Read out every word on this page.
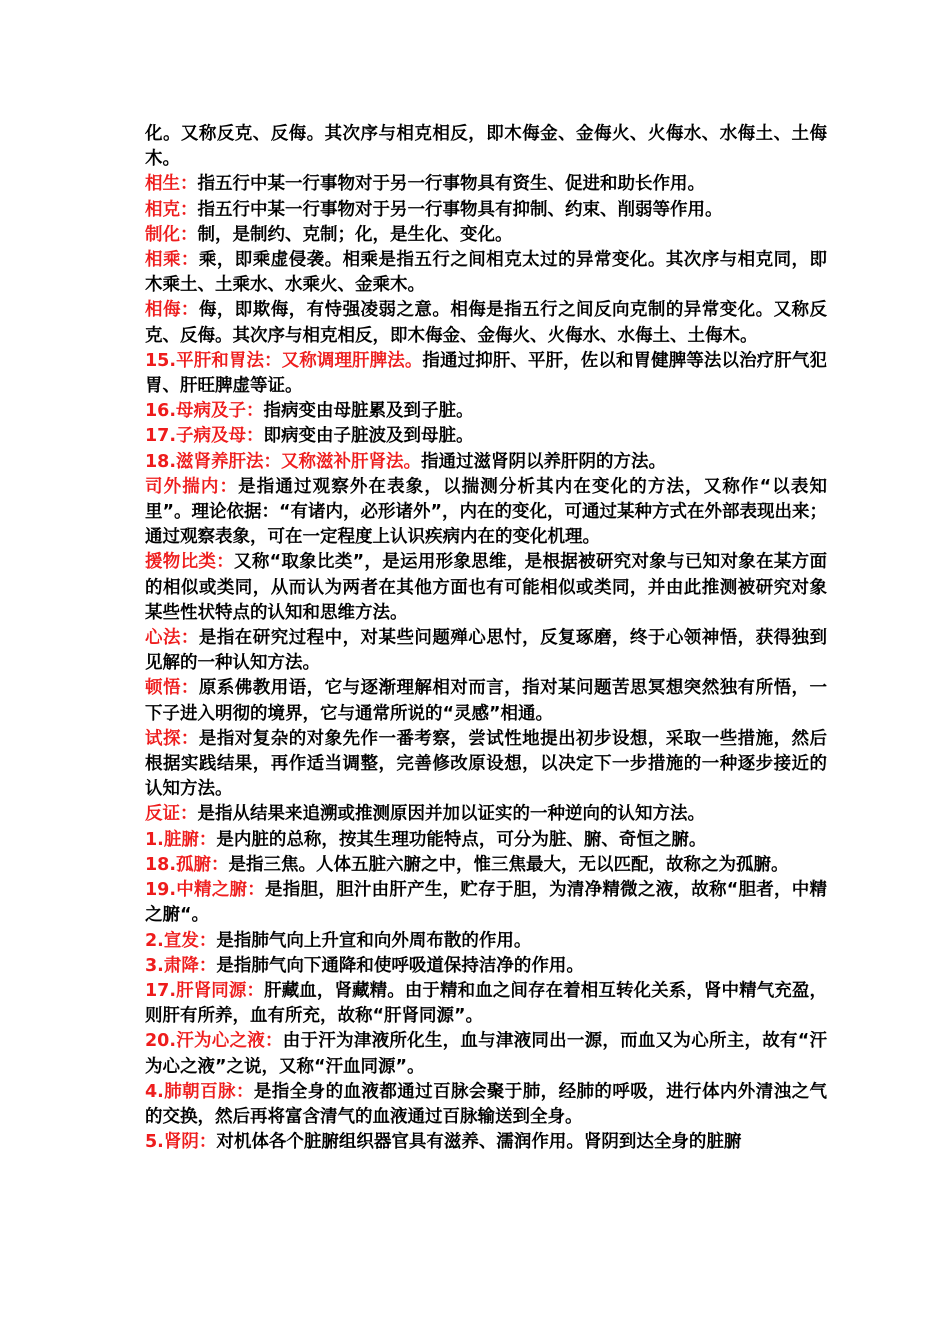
化。又称反克、反侮。其次序与相克相反，即木侮金、金侮火、火侮水、水侮土、土侮木。

相生：指五行中某一行事物对于另一行事物具有资生、促进和助长作用。

相克：指五行中某一行事物对于另一行事物具有抑制、约束、削弱等作用。

制化：制，是制约、克制；化，是生化、变化。

相乘：乘，即乘虚侵袭。相乘是指五行之间相克太过的异常变化。其次序与相克同，即木乘土、土乘水、水乘火、金乘木。

相侮：侮，即欺侮，有恃强凌弱之意。相侮是指五行之间反向克制的异常变化。又称反克、反侮。其次序与相克相反，即木侮金、金侮火、火侮水、水侮土、土侮木。

15.平肝和胃法：又称调理肝脾法。指通过抑肝、平肝，佐以和胃健脾等法以治疗肝气犯胃、肝旺脾虚等证。

16.母病及子：指病变由母脏累及到子脏。

17.子病及母：即病变由子脏波及到母脏。

18.滋肾养肝法：又称滋补肝肾法。指通过滋肾阴以养肝阴的方法。

司外揣内：是指通过观察外在表象，以揣测分析其内在变化的方法，又称作“以表知里”。理论依据：“有诸内，必形诸外”，内在的变化，可通过某种方式在外部表现出来；通过观察表象，可在一定程度上认识疾病内在的变化机理。

援物比类：又称“取象比类”，是运用形象思维，是根据被研究对象与已知对象在某方面的相似或类同，从而认为两者在其他方面也有可能相似或类同，并由此推测被研究对象某些性状特点的认知和思维方法。

心法：是指在研究过程中，对某些问题殚心思忖，反复琢磨，终于心领神悟，获得独到见解的一种认知方法。

顿悟：原系佛教用语，它与逐渐理解相对而言，指对某问题苦思冥想突然独有所悟，一下子进入明彻的境界，它与通常所说的“灵感”相通。

试探：是指对复杂的对象先作一番考察，尝试性地提出初步设想，采取一些措施，然后根据实践结果，再作适当调整，完善修改原设想，以决定下一步措施的一种逐步接近的认知方法。

反证：是指从结果来追溯或推测原因并加以证实的一种逆向的认知方法。

1.脏腑：是内脏的总称，按其生理功能特点，可分为脏、腑、奇恒之腑。

18.孤腑：是指三焦。人体五脏六腑之中，惟三焦最大，无以匹配，故称之为孤腑。

19.中精之腑：是指胆，胆汁由肝产生，贮存于胆，为清净精微之液，故称“胆者，中精之腑“。

2.宣发：是指肺气向上升宣和向外周布散的作用。

3.肃降：是指肺气向下通降和使呼吸道保持洁净的作用。

17.肝肾同源：肝藏血，肾藏精。由于精和血之间存在着相互转化关系，肾中精气充盈，则肝有所养，血有所充，故称“肝肾同源”。

20.汗为心之液：由于汗为津液所化生，血与津液同出一源，而血又为心所主，故有“汗为心之液”之说，又称“汗血同源”。

4.肺朝百脉：是指全身的血液都通过百脉会聚于肺，经肺的呼吸，进行体内外清浊之气的交换，然后再将富含清气的血液通过百脉输送到全身。

5.肾阴：对机体各个脏腑组织器官具有滋养、濡润作用。肾阴到达全身的脏腑
